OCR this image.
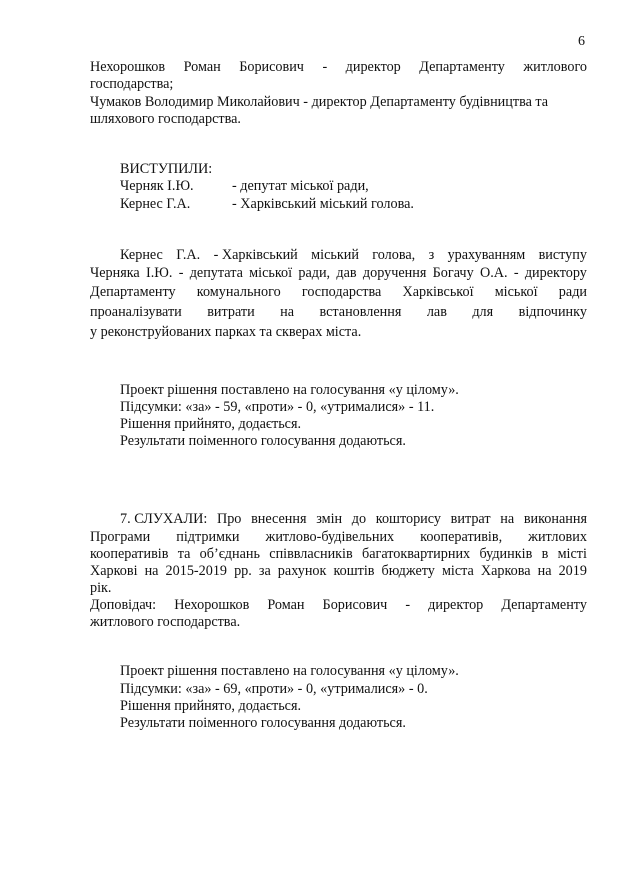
6
Нехорошков Роман Борисович - директор Департаменту житлового
господарства;
Чумаков Володимир Миколайович - директор Департаменту будівництва та
шляхового господарства.
ВИСТУПИЛИ:
Черняк І.Ю.	- депутат міської ради,
Кернес Г.А.	- Харківський міський голова.
Кернес Г.А. - Харківський міський голова, з урахуванням виступу
Черняка І.Ю. - депутата міської ради, дав доручення Богачу О.А. - директору
Департаменту комунального господарства Харківської міської ради
проаналізувати витрати на встановлення лав для відпочинку
у реконструйованих парках та скверах міста.
Проект рішення поставлено на голосування «у цілому».
Підсумки: «за» - 59, «проти» - 0, «утрималися» - 11.
Рішення прийнято, додається.
Результати поіменного голосування додаються.
7. СЛУХАЛИ: Про внесення змін до кошторису витрат на виконання
Програми підтримки житлово-будівельних кооперативів, житлових
кооперативів та об’єднань співвласників багатоквартирних будинків в місті
Харкові на 2015-2019 рр. за рахунок коштів бюджету міста Харкова на 2019
рік.
Доповідач: Нехорошков Роман Борисович - директор Департаменту
житлового господарства.
Проект рішення поставлено на голосування «у цілому».
Підсумки: «за» - 69, «проти» - 0, «утрималися» - 0.
Рішення прийнято, додається.
Результати поіменного голосування додаються.
